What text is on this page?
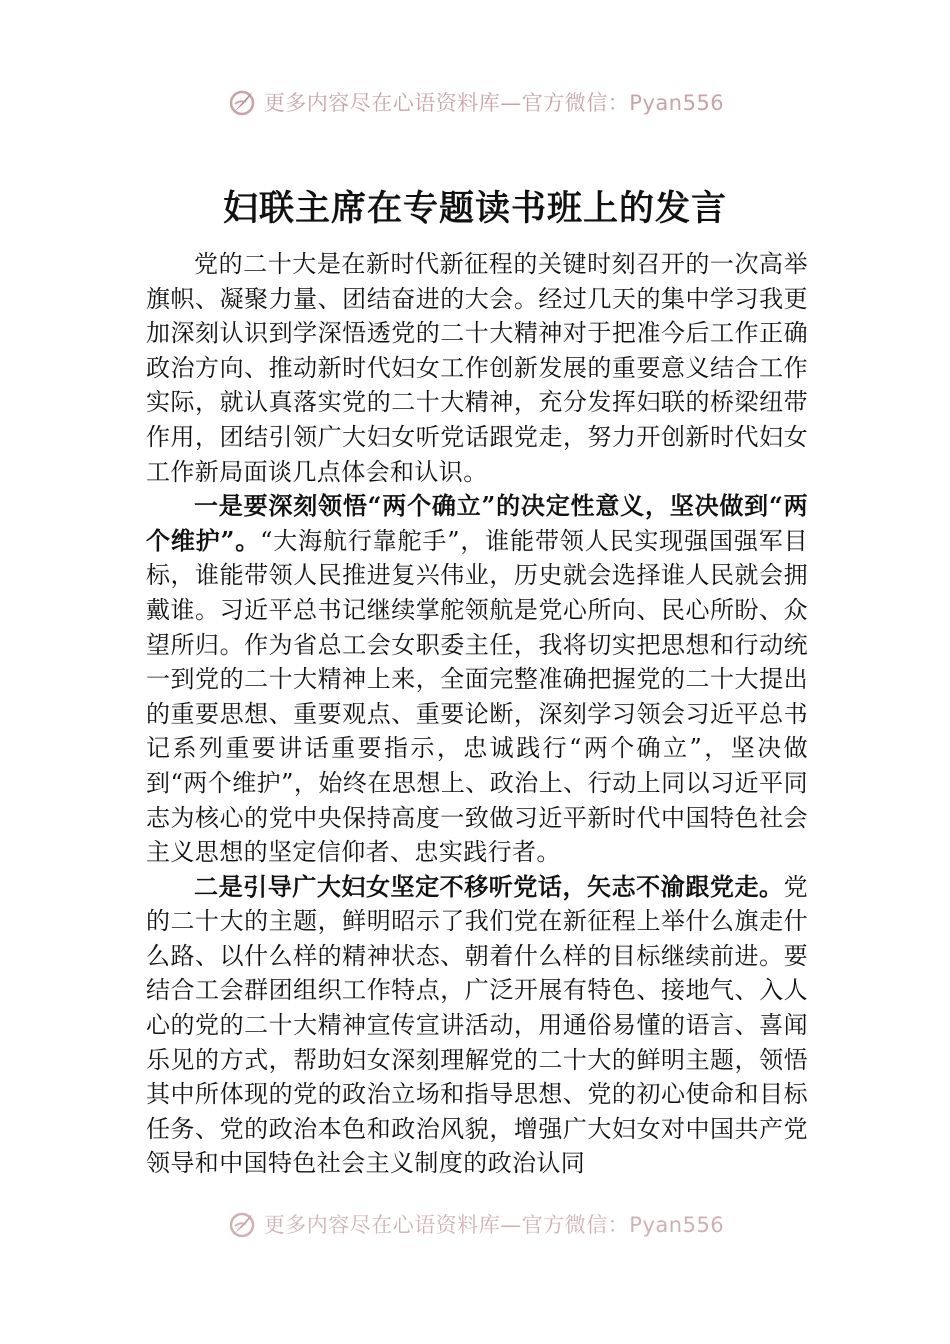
更多内容尽在心语资料库—官方微信：Pyan556
妇联主席在专题读书班上的发言

党的二十大是在新时代新征程的关键时刻召开的一次高举旗帜、凝聚力量、团结奋进的大会。经过几天的集中学习我更加深刻认识到学深悟透党的二十大精神对于把准今后工作正确政治方向、推动新时代妇女工作创新发展的重要意义结合工作实际，就认真落实党的二十大精神，充分发挥妇联的桥梁纽带作用，团结引领广大妇女听党话跟党走，努力开创新时代妇女工作新局面谈几点体会和认识。

一是要深刻领悟“两个确立”的决定性意义，坚决做到“两个维护”。“大海航行靠舵手”，谁能带领人民实现强国强军目标，谁能带领人民推进复兴伟业，历史就会选择谁人民就会拥戴谁。习近平总书记继续掌舵领航是党心所向、民心所盼、众望所归。作为省总工会女职委主任，我将切实把思想和行动统一到党的二十大精神上来，全面完整准确把握党的二十大提出的重要思想、重要观点、重要论断，深刻学习领会习近平总书记系列重要讲话重要指示，忠诚践行“两个确立”，坚决做到“两个维护”，始终在思想上、政治上、行动上同以习近平同志为核心的党中央保持高度一致做习近平新时代中国特色社会主义思想的坚定信仰者、忠实践行者。

二是引导广大妇女坚定不移听党话，矢志不渝跟党走。党的二十大的主题，鲜明昭示了我们党在新征程上举什么旗走什么路、以什么样的精神状态、朝着什么样的目标继续前进。要结合工会群团组织工作特点，广泛开展有特色、接地气、入人心的党的二十大精神宣传宣讲活动，用通俗易懂的语言、喜闻乐见的方式，帮助妇女深刻理解党的二十大的鲜明主题，领悟其中所体现的党的政治立场和指导思想、党的初心使命和目标任务、党的政治本色和政治风貌，增强广大妇女对中国共产党领导和中国特色社会主义制度的政治认同

更多内容尽在心语资料库—官方微信：Pyan556
